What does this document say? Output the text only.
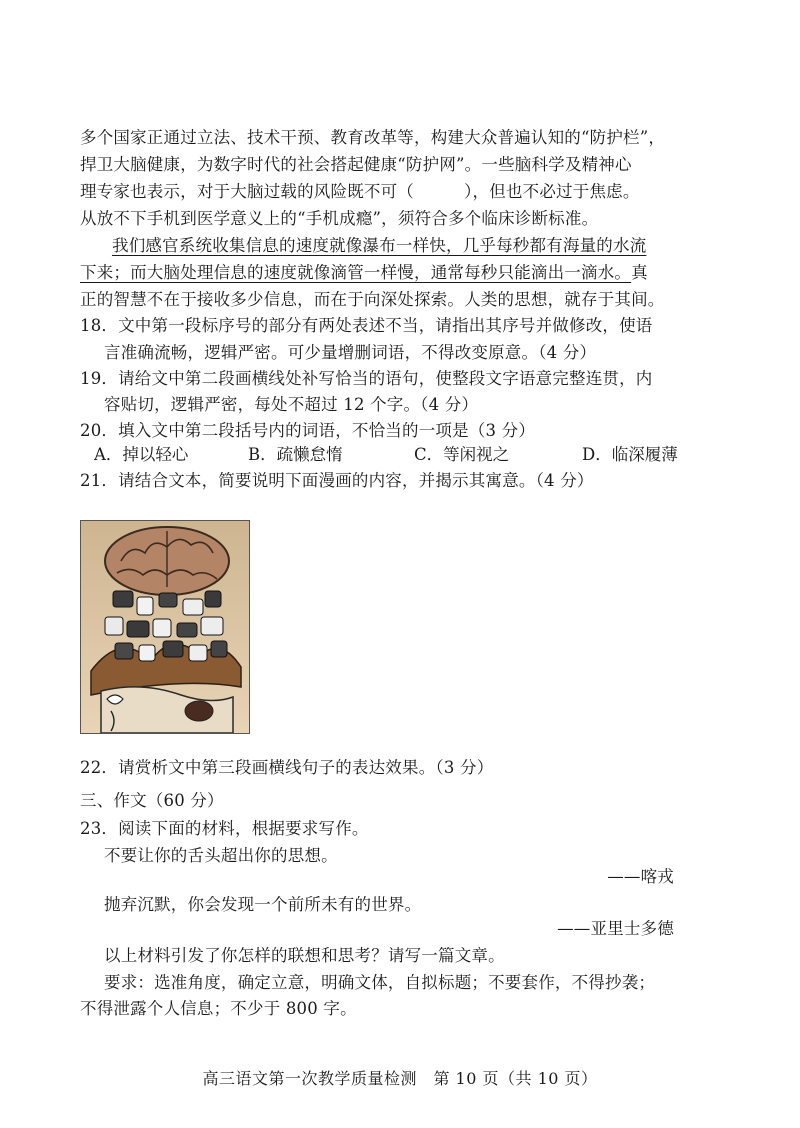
多个国家正通过立法、技术干预、教育改革等，构建大众普遍认知的“防护栏”，
捍卫大脑健康，为数字时代的社会搭起健康“防护网”。一些脑科学及精神心
理专家也表示，对于大脑过载的风险既不可（　　　），但也不必过于焦虑。
从放不下手机到医学意义上的“手机成瘾”，须符合多个临床诊断标准。
我们感官系统收集信息的速度就像瀑布一样快，几乎每秒都有海量的水流
下来；而大脑处理信息的速度就像滴管一样慢，通常每秒只能滴出一滴水。真
正的智慧不在于接收多少信息，而在于向深处探索。人类的思想，就存于其间。
18．文中第一段标序号的部分有两处表述不当，请指出其序号并做修改，使语
言准确流畅，逻辑严密。可少量增删词语，不得改变原意。（4 分）
19．请给文中第二段画横线处补写恰当的语句，使整段文字语意完整连贯，内
容贴切，逻辑严密，每处不超过 12 个字。（4 分）
20．填入文中第二段括号内的词语，不恰当的一项是（3 分）
A．掉以轻心	B．疏懒怠惰	C．等闲视之	D．临深履薄
21．请结合文本，简要说明下面漫画的内容，并揭示其寓意。（4 分）
22．请赏析文中第三段画横线句子的表达效果。（3 分）
三、作文（60 分）
23．阅读下面的材料，根据要求写作。
不要让你的舌头超出你的思想。
——喀戎
抛弃沉默，你会发现一个前所未有的世界。
——亚里士多德
以上材料引发了你怎样的联想和思考？请写一篇文章。
要求：选准角度，确定立意，明确文体，自拟标题；不要套作，不得抄袭；
不得泄露个人信息；不少于 800 字。
高三语文第一次教学质量检测　第 10 页（共 10 页）
